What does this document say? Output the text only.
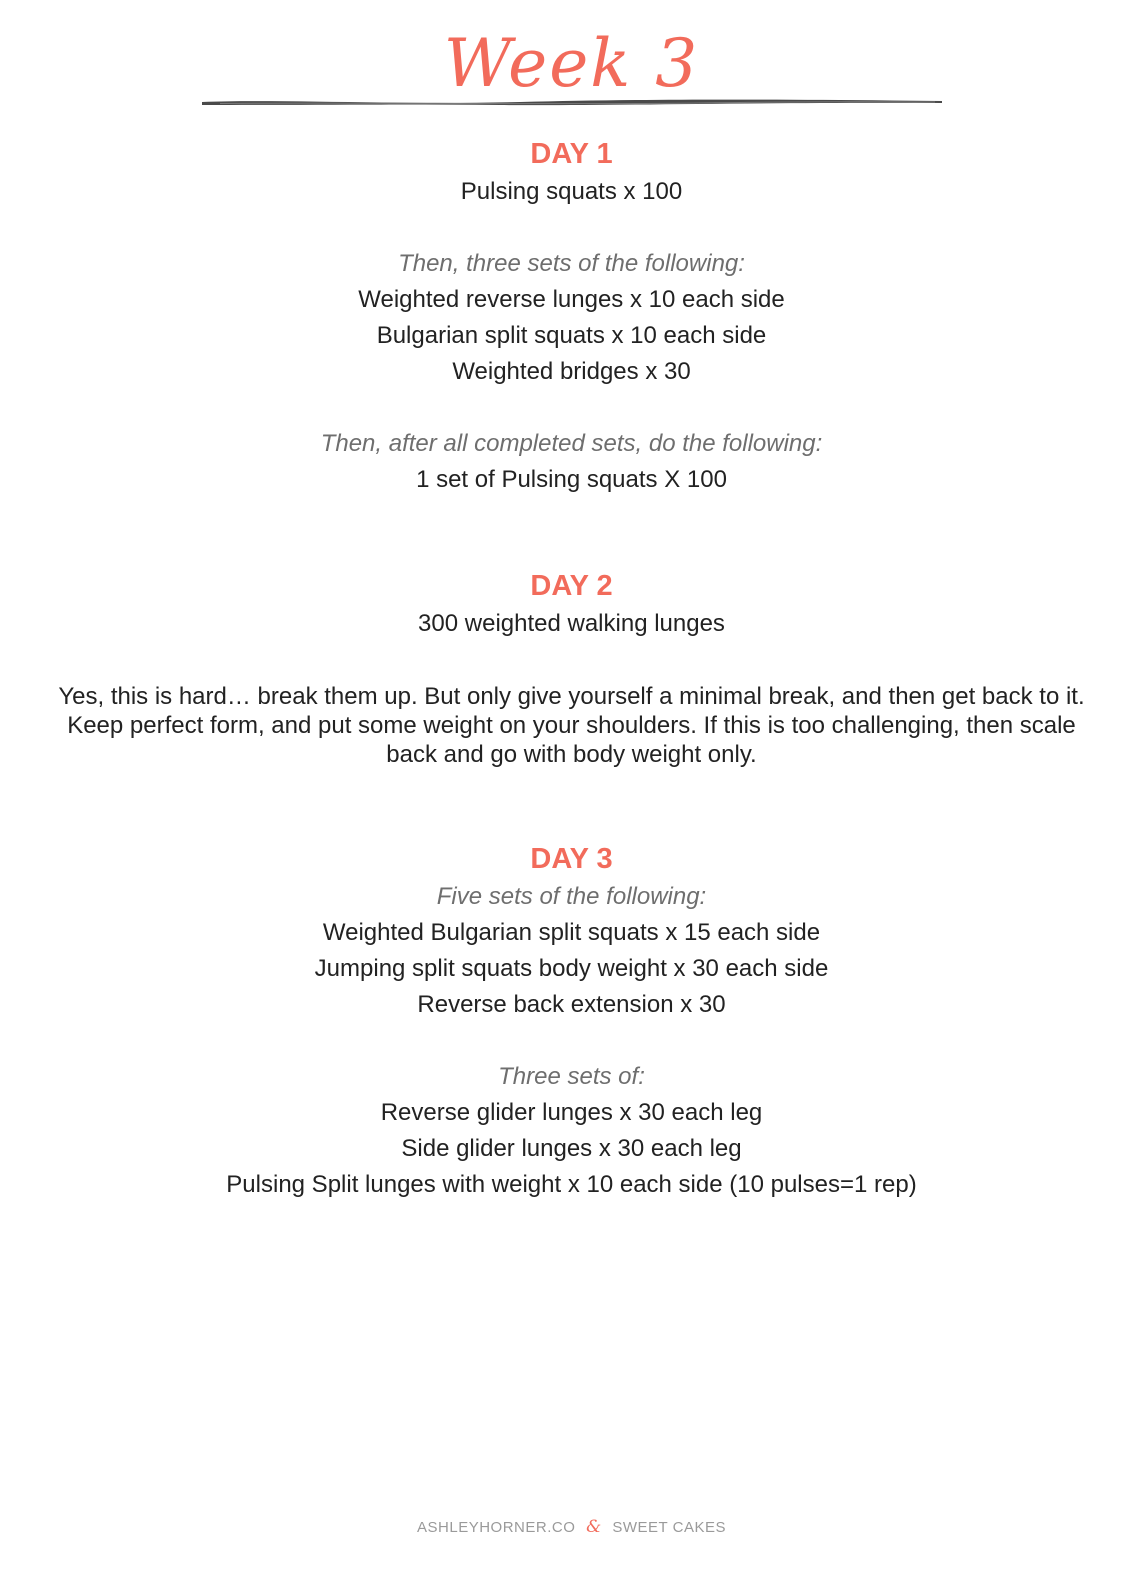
Week 3
DAY 1
Pulsing squats x 100
Then, three sets of the following:
Weighted reverse lunges x 10 each side
Bulgarian split squats x 10 each side
Weighted bridges x 30
Then, after all completed sets, do the following:
1 set of Pulsing squats X 100
DAY 2
300 weighted walking lunges
Yes, this is hard… break them up. But only give yourself a minimal break, and then get back to it.
Keep perfect form, and put some weight on your shoulders. If this is too challenging, then scale
back and go with body weight only.
DAY 3
Five sets of the following:
Weighted Bulgarian split squats x 15 each side
Jumping split squats body weight x 30 each side
Reverse back extension x 30
Three sets of:
Reverse glider lunges x 30 each leg
Side glider lunges x 30 each leg
Pulsing Split lunges with weight x 10 each side (10 pulses=1 rep)
ASHLEYHORNER.CO & SWEET CAKES
